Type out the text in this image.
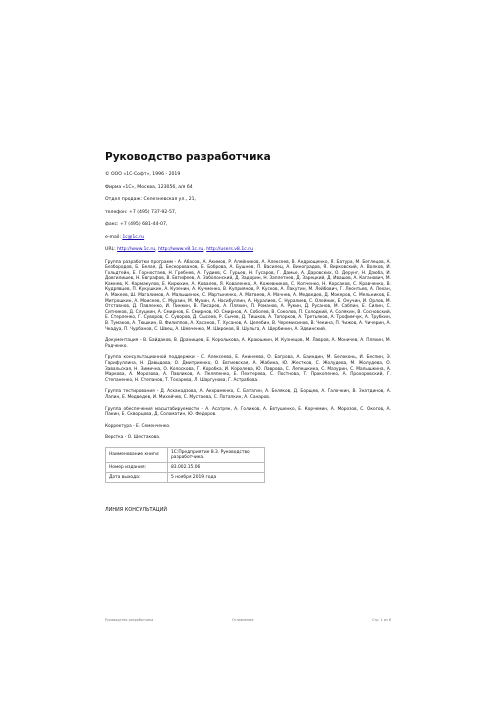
Руководство разработчика

© ООО «1С-Софт», 1996 - 2019

Фирма «1С», Москва, 123056, а/я 64

Отдел продаж: Селезневская ул., 21,

телефон: +7 (495) 737-92-57,

факс: +7 (495) 681-44-07,

e-mail: 1c@1c.ru

URL: http://www.1c.ru, http://www.v8.1c.ru, http://users.v8.1c.ru

Группа разработки программ - А. Абасов, А. Акимов, Р. Алейников, А. Алексеев, В. Андрющенко, Я. Батура, М. Беглецов, А. Безбородов, Б. Белая, Д. Бескорованов, Е. Боброва, А. Бушнев, П. Василец, А. Виноградов, Я. Вирковский, А. Волков, И. Гольдтейн, Е. Горностаев, Н. Гребнев, А. Гудиев, С. Гурьев, Н. Гусаров, Г. Дамье, А. Даровских, О. Дерунг, Н. Дзюба, И. Довгилишев, Н. Евграфов, В. Евтифеев, А. Заболонский, Д. Задорин, Н. Заплетнев, Д. Зарецкий, Д. Ивашов, А. Каганович, М. Камнев, К. Кармакулов, Е. Кирюхин, А. Ковалев, Я. Коваленко, А. Кожевников, С. Копченко, Н. Корсаков, С. Кравченко, В. Кудрявцев, П. Кукушкин, А. Кузенин, А. Кучменко, В. Куприянов, Р. Кусков, А. Лакутин, М. Лейбович, Г. Леонтьев, А. Лехан, А. Макеев, Ш. Магалимов, А. Малышенок, С. Мартыненко, А. Матвеев, А. Мачнев, А. Медведев, Д. Мокеров, С. Мельников, Е. Митрошкин, А. Моисеев, С. Мурзин, М. Мухин, А. Насибуллин, А. Нуралиев, С. Нуралиев, С. Олейник, Е. Онучин, И. Орлов, М. Отставнов, Д. Павленко, И. Пинкин, В. Писарев, А. Пляхин, П. Романов, А. Рукин, Д. Русанов, М. Сабпин, Е. Силин, С. Ситников, Д. Слуцкин, А. Смирнов, Е. Смирнов, Ю. Смирнов, А. Соболев, В. Соколов, П. Солодкий, А. Солякин, В. Сосновский, Е. Стерленко, Г. Суворов, С. Суворов, Д. Сысоев, Р. Сычев, Д. Тишков, А. Топорков, А. Третьяков, А. Трофимчук, А. Трубкин, В. Тумаков, А. Тюшкин, В. Филиппов, А. Хасанов, Т. Хусанов, А. Целебин, В. Черемисинов, В. Чекина, П. Чижов, А. Чичерин, А. Чкадуа, П. Чурбанов, С. Швец, А. Шевченко, М. Широков, В. Шульга, А. Щербинин, А. Эдвинский.

Документация - В. Байдаков, В. Дранищев, Е. Корольковa, А. Краюшкин, И. Кузнецов, М. Лавров, А. Моничев, А. Пляхин, М. Радченко.

Группа консультационной поддержки - С. Алексеева, Е. Анинеева, О. Багрова, А. Баиндин, М. Белоконь, И. Беспин, Э. Гарифуллина, Н. Давыдова, О. Дмитриенко, О. Евтиевская, А. Жабина, Ю. Жестков, С. Жолудева, М. Жолудева, О. Завальская, Н. Зимична, О. Колоскова, Г. Коробка, И. Королева, Ю. Лаврова, С. Лепешкина, С. Мазурин, С. Малышкина, А. Маркова, А. Морозова, А. Павликов, А. Пеляпенко, Е. Пехтерева, С. Постнова, Т. Прокопенко, А. Прохоровский, Г. Степаненко, Н. Степанов, Т. Тохарева, Л. Шаргунова, Г. Астрабова.

Группа тестирования - Д. Асканадзова, А. Акхраменко, С. Батагин, А. Беляков, Д. Борщев, А. Галочкин, В. Знатдинов, А. Лапин, Е. Медведев, И. Михейчев, С. Мустаева, С. Потапкин, А. Санаров.

Группа обеспечения масштабируемости - А. Асатрян, А. Голиков, А. Евтушенко, Е. Корчемин, А. Морозов, С. Окогов, А. Пакин, Е. Скворцова, Д. Соломатин, Ю. Федоров.

Корректура - Е. Семенченко.

Верстка - О. Шестакова.

Наименование книги:	1С:Предприятие 8.3. Руководство разработчика.
Номер издания:	83.002.15.06
Дата выхода:	5 ноября 2019 года
ЛИНИЯ КОНСУЛЬТАЦИЙ
Руководство разработчика	Оглавление	Стр. 1 из 6
